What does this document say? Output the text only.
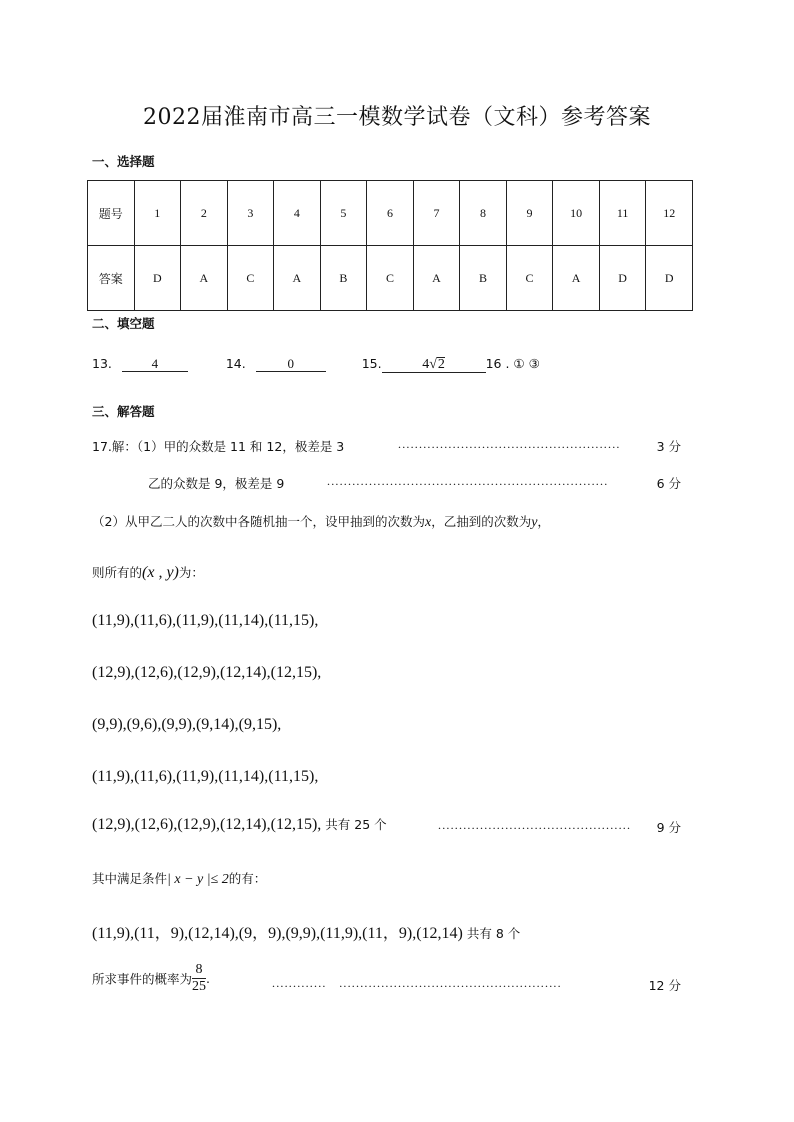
2022届淮南市高三一模数学试卷（文科）参考答案
一、选择题
题号	1	2	3	4	5	6	7	8	9	10	11	12
答案	D	A	C	A	B	C	A	B	C	A	D	D
二、填空题
13.	4	14.	0	15.	4√2	16 . ① ③
三、解答题
17.解：（1）甲的众数是 11 和 12，极差是 3	.....................................................	3 分
乙的众数是 9，极差是 9	...................................................................	6 分
（2）从甲乙二人的次数中各随机抽一个，设甲抽到的次数为x，乙抽到的次数为y，
则所有的(x , y)为：
(11,9),(11,6),(11,9),(11,14),(11,15),
(12,9),(12,6),(12,9),(12,14),(12,15),
(9,9),(9,6),(9,9),(9,14),(9,15),
(11,9),(11,6),(11,9),(11,14),(11,15),
(12,9),(12,6),(12,9),(12,14),(12,15), 共有 25 个	.............................................. 9 分
其中满足条件| x − y |≤ 2的有：
(11,9),(11，9),(12,14),(9，9),(9,9),(11,9),(11，9),(12,14) 共有 8 个
所求事件的概率为 $\frac{8}{25}$ .	.............   .....................................................	12 分
